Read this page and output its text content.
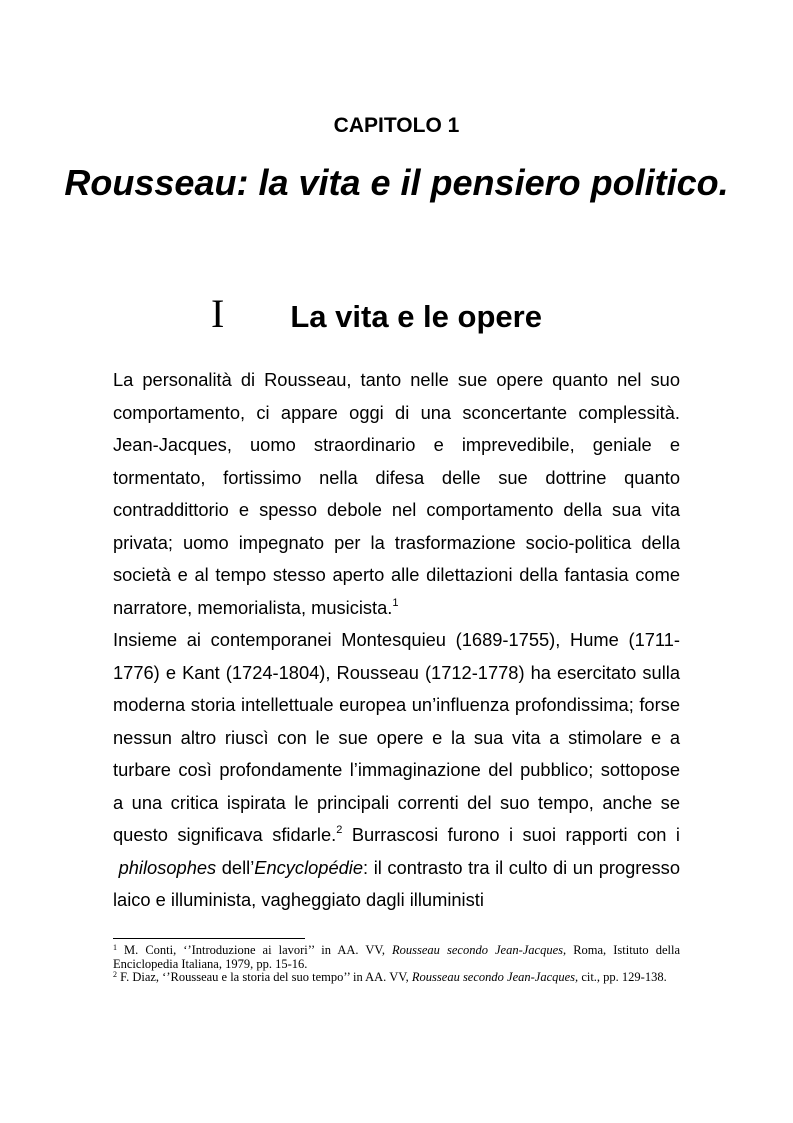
CAPITOLO 1
Rousseau: la vita e il pensiero politico.
I La vita e le opere

La personalità di Rousseau, tanto nelle sue opere quanto nel suo comportamento, ci appare oggi di una sconcertante complessità. Jean-Jacques, uomo straordinario e imprevedibile, geniale e tormentato, fortissimo nella difesa delle sue dottrine quanto contraddittorio e spesso debole nel comportamento della sua vita privata; uomo impegnato per la trasformazione socio-politica della società e al tempo stesso aperto alle dilettazioni della fantasia come narratore, memorialista, musicista.$^1$

Insieme ai contemporanei Montesquieu (1689-1755), Hume (1711-1776) e Kant (1724-1804), Rousseau (1712-1778) ha esercitato sulla moderna storia intellettuale europea un’influenza profondissima; forse nessun altro riuscì con le sue opere e la sua vita a stimolare e a turbare così profondamente l’immaginazione del pubblico; sottopose a una critica ispirata le principali correnti del suo tempo, anche se questo significava sfidarle.$^2$ Burrascosi furono i suoi rapporti con i  philosophes dell’Encyclopédie: il contrasto tra il culto di un progresso laico e illuminista, vagheggiato dagli illuministi

$^1$ M. Conti, ‘’Introduzione ai lavori’’ in AA. VV, Rousseau secondo Jean-Jacques, Roma, Istituto della Enciclopedia Italiana, 1979, pp. 15-16.

$^2$ F. Diaz, ‘’Rousseau e la storia del suo tempo’’ in AA. VV, Rousseau secondo Jean-Jacques, cit., pp. 129-138.
